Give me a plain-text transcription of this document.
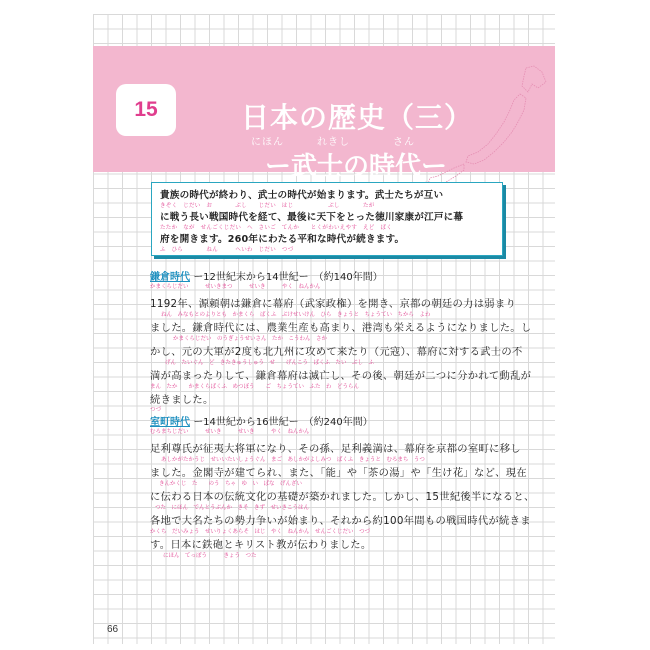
15	日本の歴史（三）
にほん	れきし	さん
ー武士の時代ー
貴族の時代が終わり、武士の時代が始まります。武士たちが互い
きぞく　じだい　お　　　　ぶし　　じだい　はじ　　　　　　ぶし　　　　たが
に戦う長い戦国時代を経て、最後に天下をとった徳川家康が江戸に幕
たたか　なが　せんごくじだい　へ　さいご　てんか　　とくがわいえやす　えど　ばく
府を開きます。260年にわたる平和な時代が続きます。
ふ　ひら　　　　ねん　　　へいわ　じだい　つづ
鎌倉時代 ー12世紀末から14世紀ー　（約140年間）
かまくらじだい　　　せいきまつ　　　せいき　　　やく　ねんかん
1192年、源頼朝は鎌倉に幕府（武家政権）を開き、京都の朝廷の力は弱まり
ねん　みなもとのよりとも　かまくら　ばくふ　ぶけせいけん　ひら　きょうと　ちょうてい　ちから　よわ
ました。鎌倉時代には、農業生産も高まり、港湾も栄えるようになりました。し
かまくらじだい　のうぎょうせいさん　たか　こうわん　さか
かし、元の大軍が2度も北九州に攻めて来たり（元寇）、幕府に対する武士の不
げん　たいぐん　ど　きたきゅうしゅう　せ　　げんこう　ばくふ　たい　ぶし　ふ
満が高まったりして、鎌倉幕府は滅亡し、その後、朝廷が二つに分かれて動乱が
まん　たか　　かまくらばくふ　めつぼう　　ご　ちょうてい　ふた　わ　どうらん
続きました。
つづ
室町時代 ー14世紀から16世紀ー　（約240年間）
むろまちじだい　　　せいき　　　せいき　　　やく　ねんかん
足利尊氏が征夷大将軍になり、その孫、足利義満は、幕府を京都の室町に移し
あしかがたかうじ　せいいたいしょうぐん　まご　あしかがよしみつ　ばくふ　きょうと　むろまち　うつ
ました。金閣寺が建てられ、また、「能」や「茶の湯」や「生け花」など、現在
きんかくじ　た　　のう　ちゃ　ゆ　い　ばな　げんざい
に伝わる日本の伝統文化の基礎が築かれました。しかし、15世紀後半になると、
つた　にほん　でんとうぶんか　きそ　きず　せいきこうはん
各地で大名たちの勢力争いが始まり、それから約100年間もの戦国時代が続きま
かくち　だいみょう　せいりょくあらそ　はじ　やく　ねんかん　せんごくじだい　つづ
す。日本に鉄砲とキリスト教が伝わりました。
にほん　てっぽう　　　きょう　つた
66
